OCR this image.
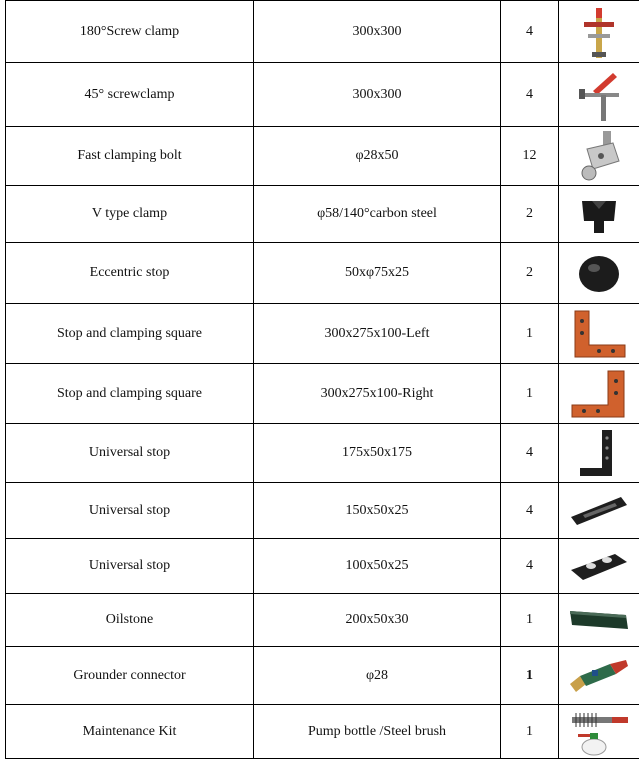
180°Screw clamp	300x300	4	

45° screwclamp	300x300	4	

Fast clamping bolt	φ28x50	12	

V type clamp	φ58/140°carbon steel	2	

Eccentric stop	50xφ75x25	2	

Stop and clamping square	300x275x100-Left	1	

Stop and clamping square	300x275x100-Right	1	

Universal stop	175x50x175	4	

Universal stop	150x50x25	4	

Universal stop	100x50x25	4	

Oilstone	200x50x30	1	

Grounder connector	φ28	1	

Maintenance Kit	Pump bottle /Steel brush	1	
